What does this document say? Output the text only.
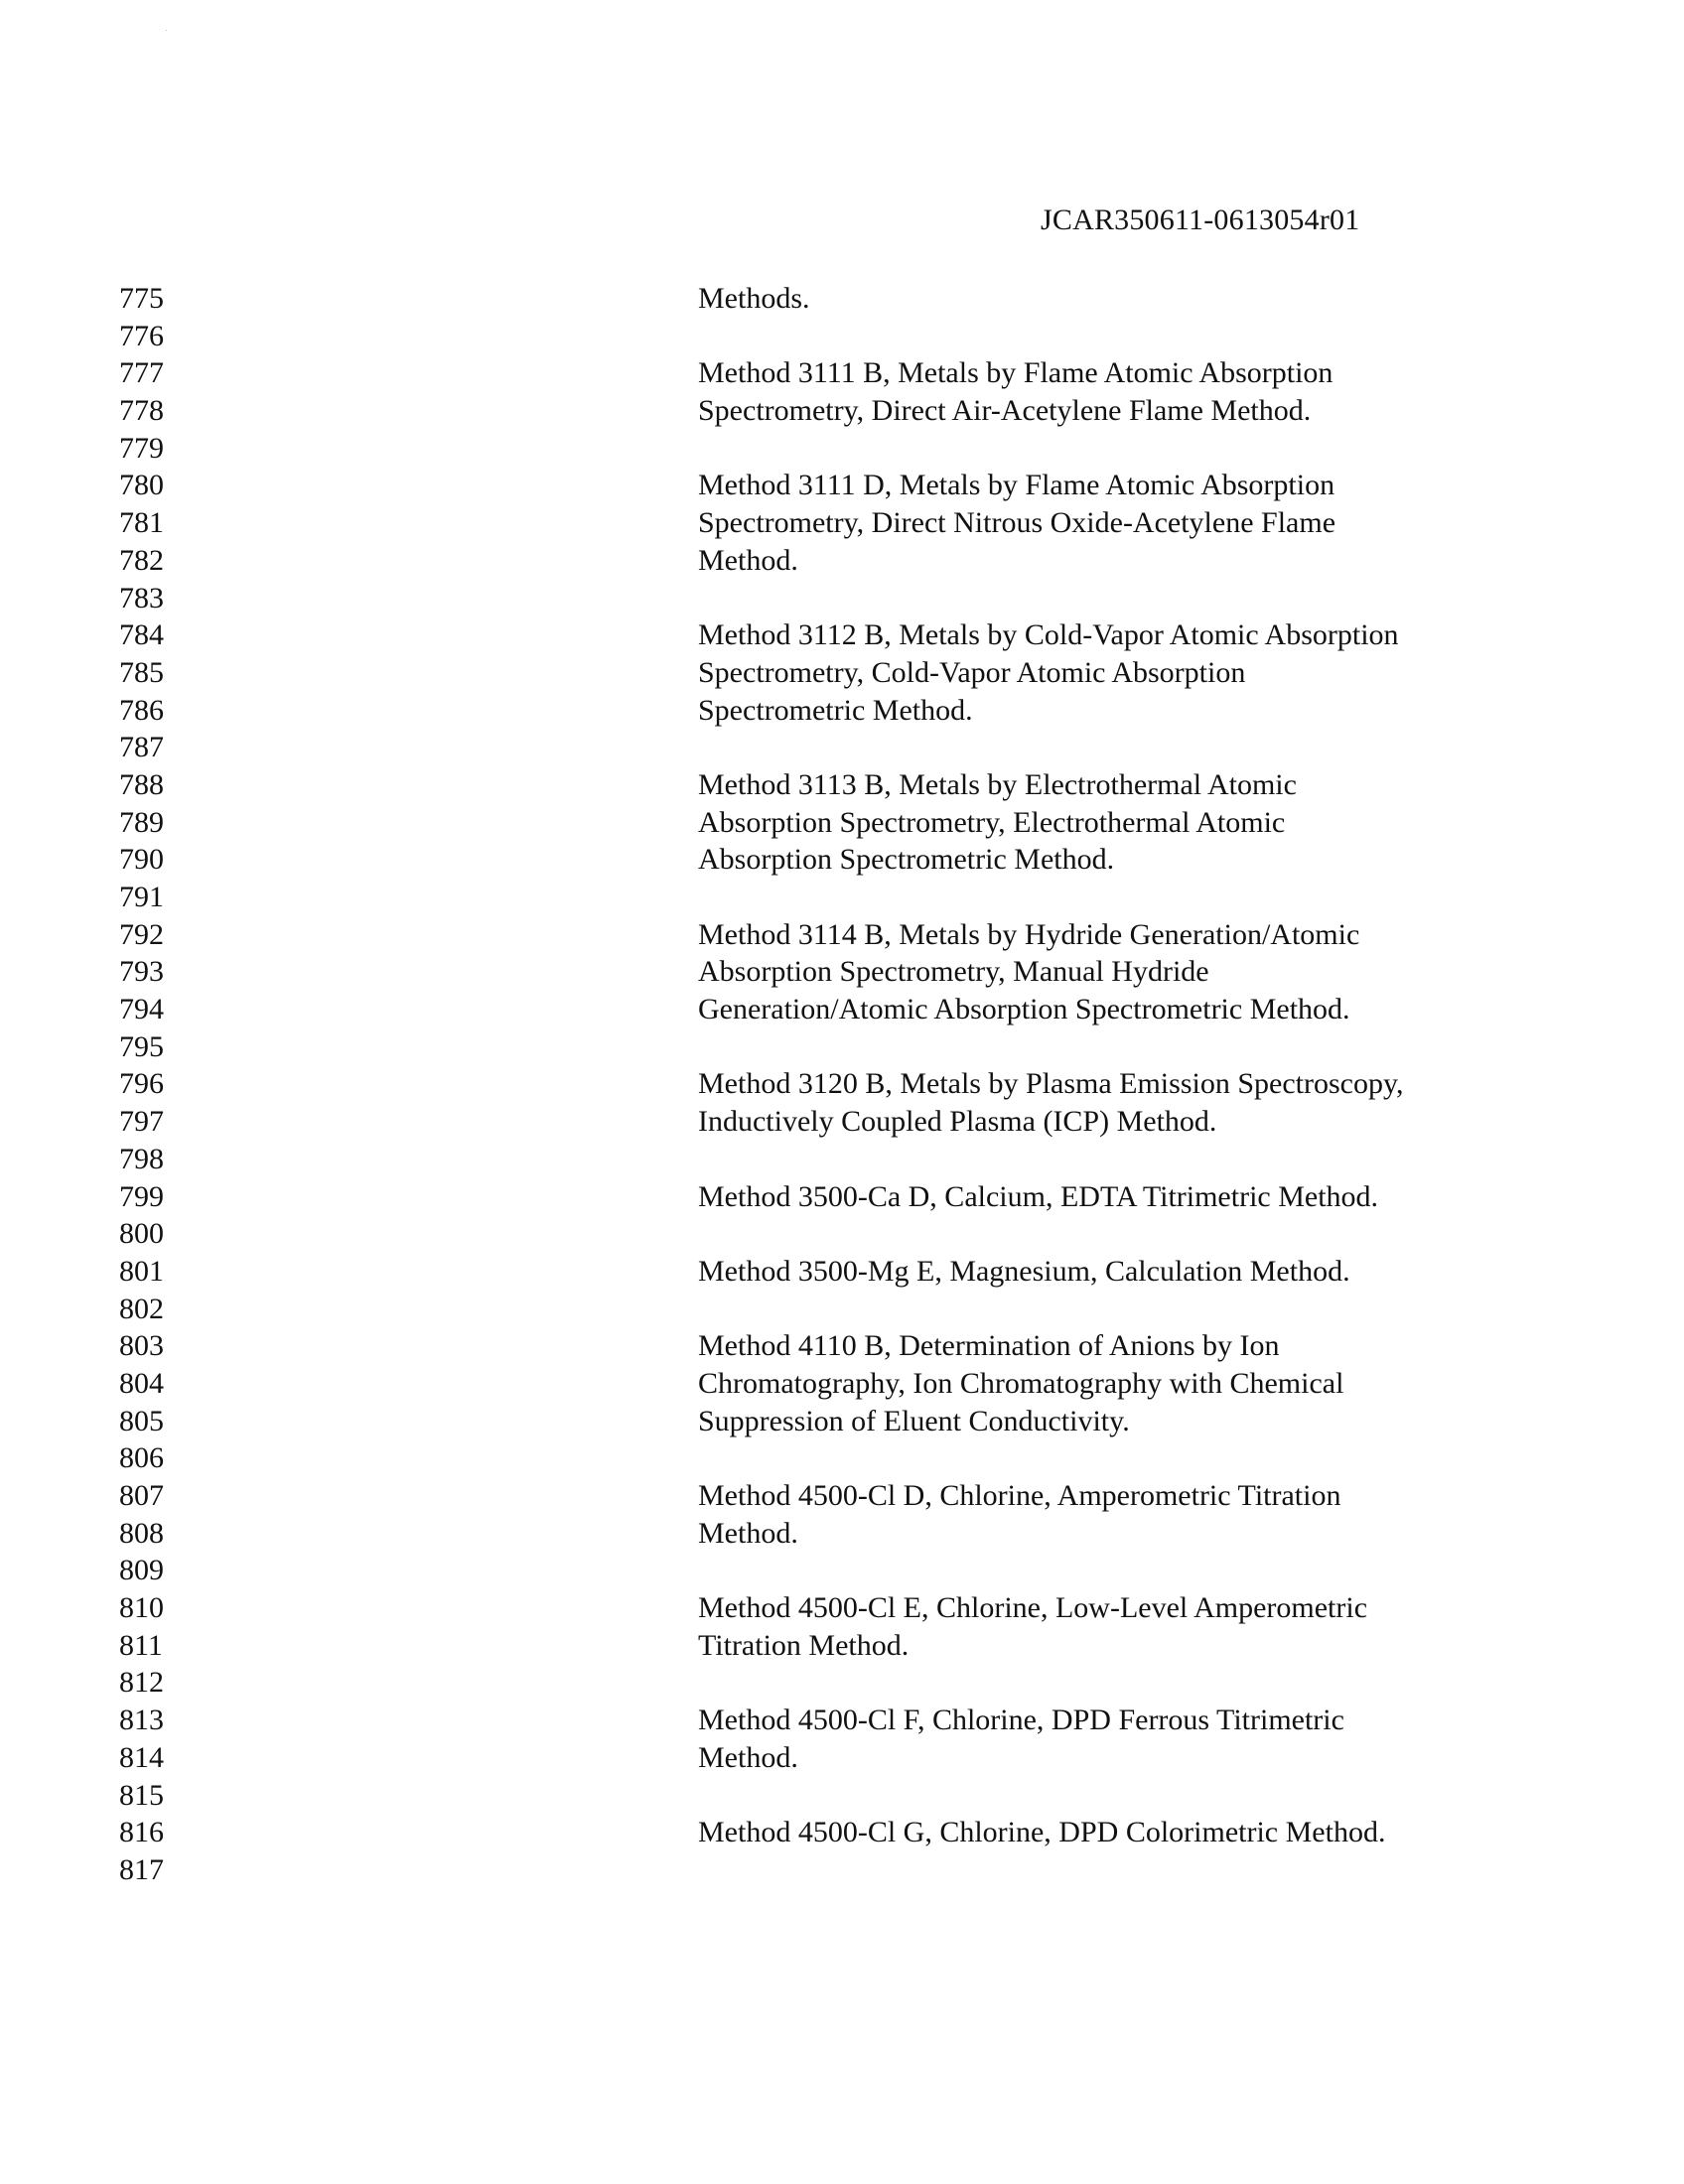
JCAR350611-0613054r01
775	Methods.
776
777	Method 3111 B, Metals by Flame Atomic Absorption
778	Spectrometry, Direct Air-Acetylene Flame Method.
779
780	Method 3111 D, Metals by Flame Atomic Absorption
781	Spectrometry, Direct Nitrous Oxide-Acetylene Flame
782	Method.
783
784	Method 3112 B, Metals by Cold-Vapor Atomic Absorption
785	Spectrometry, Cold-Vapor Atomic Absorption
786	Spectrometric Method.
787
788	Method 3113 B, Metals by Electrothermal Atomic
789	Absorption Spectrometry, Electrothermal Atomic
790	Absorption Spectrometric Method.
791
792	Method 3114 B, Metals by Hydride Generation/Atomic
793	Absorption Spectrometry, Manual Hydride
794	Generation/Atomic Absorption Spectrometric Method.
795
796	Method 3120 B, Metals by Plasma Emission Spectroscopy,
797	Inductively Coupled Plasma (ICP) Method.
798
799	Method 3500-Ca D, Calcium, EDTA Titrimetric Method.
800
801	Method 3500-Mg E, Magnesium, Calculation Method.
802
803	Method 4110 B, Determination of Anions by Ion
804	Chromatography, Ion Chromatography with Chemical
805	Suppression of Eluent Conductivity.
806
807	Method 4500-Cl D, Chlorine, Amperometric Titration
808	Method.
809
810	Method 4500-Cl E, Chlorine, Low-Level Amperometric
811	Titration Method.
812
813	Method 4500-Cl F, Chlorine, DPD Ferrous Titrimetric
814	Method.
815
816	Method 4500-Cl G, Chlorine, DPD Colorimetric Method.
817
